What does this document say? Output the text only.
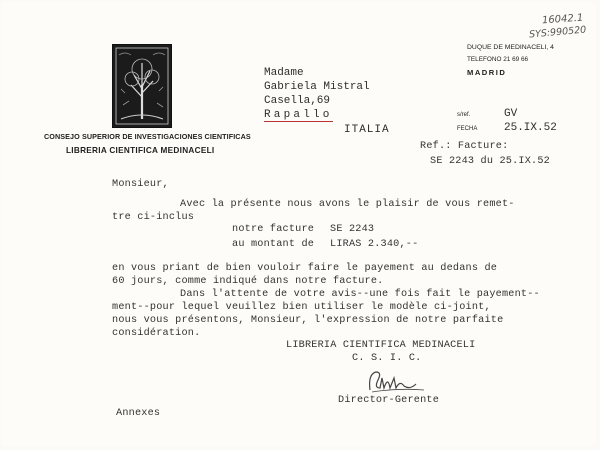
16042.1
SYS:990520
CONSEJO SUPERIOR DE INVESTIGACIONES CIENTIFICAS
LIBRERIA CIENTIFICA MEDINACELI
DUQUE DE MEDINACELI, 4
TELEFONO 21 69 66
MADRID
Madame
Gabriela Mistral
Casella,69
Rapallo
ITALIA
s/ref.	GV
FECHA 25.IX.52
Ref.: Facture:
SE 2243 du 25.IX.52
Monsieur,
Avec la présente nous avons le plaisir de vous remet-
tre ci-inclus
notre facture SE 2243
au montant de LIRAS 2.340,--
en vous priant de bien vouloir faire le payement au dedans de
60 jours, comme indiqué dans notre facture.
Dans l'attente de votre avis--une fois fait le payement--
ment--pour lequel veuillez bien utiliser le modèle ci-joint,
nous vous présentons, Monsieur, l'expression de notre parfaite
considération.
LIBRERIA CIENTIFICA MEDINACELI
C. S. I. C.
Director-Gerente
Annexes
